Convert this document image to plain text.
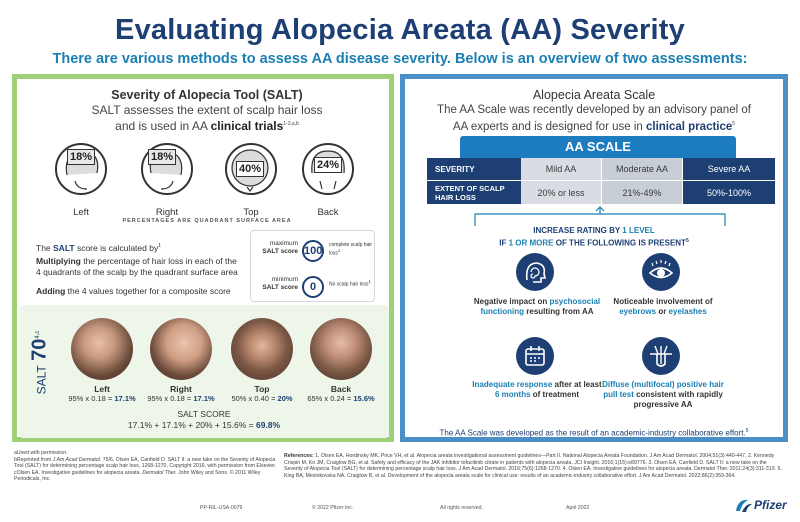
Evaluating Alopecia Areata (AA) Severity
There are various methods to assess AA disease severity. Below is an overview of two assessments:
Severity of Alopecia Tool (SALT)
SALT assesses the extent of scalp hair loss
and is used in AA clinical trials$^{1-3,a,b}$
18%
Left
18%
Right
40%
Top
24%
Back
PERCENTAGES ARE QUADRANT SURFACE AREA
The SALT score is calculated $by^1$
Multiplying the percentage of hair loss in each of the 4 quadrants of the scalp by the quadrant surface area
Adding the 4 values together for a composite score
maximum
SALT score 100	complete scalp hair loss$^1$
minimum
SALT score	0	No scalp hair loss$^1$
SALT 70$^{4,c}$
Left
95% x 0.18 = 17.1%
Right
95% x 0.18 = 17.1%
Top
50% x 0.40 = 20%
Back
65% x 0.24 = 15.6%
SALT SCORE
17.1% + 17.1% + 20% + 15.6% = 69.8%
Alopecia Areata Scale
The AA Scale was recently developed by an advisory panel of
AA experts and is designed for use in clinical practice$^5$
AA SCALE
SEVERITY	Mild AA	Moderate AA	Severe AA
EXTENT OF SCALP HAIR LOSS	20% or less	21%-49%	50%-100%
INCREASE RATING BY 1 LEVEL
IF 1 OR MORE OF THE FOLLOWING IS PRESENT$^5$
Negative impact on psychosocial functioning resulting from AA
Noticeable involvement of eyebrows or eyelashes
Inadequate response after at least 6 months of treatment
Diffuse (multifocal) positive hair pull test consistent with rapidly progressive AA
The AA Scale was developed as the result of an academic-industry collaborative effort.$^5$
aUsed with permission.
bReprinted from J Am Acad Dermatol. 75/6, Olsen EA, Canfield D. SALT II: a new take on the Severity of Alopecia Tool (SALT) for determining percentage scalp hair loss, 1268-1270, Copyright 2016, with permission from Elsevier.
cOlsen EA. Investigative guidelines for alopecia areata. Dermatol Ther. John Wiley and Sons. © 2011 Wiley Periodicals, Inc.
References: 1. Olsen EA, Hordinsky MK, Price VH, et al. Alopecia areata investigational assessment guidelines—Part II. National Alopecia Areata Foundation. J Am Acad Dermatol. 2004;51(3):440-447. 2. Kennedy Crispin M, Ko JM, Craiglow BG, et al. Safety and efficacy of the JAK inhibitor tofacitinib citrate in patients with alopecia areata. JCI Insight. 2016;1(15):e89776. 3. Olsen EA, Canfield D. SALT II: a new take on the Severity of Alopecia Tool (SALT) for determining percentage scalp hair loss. J Am Acad Dermatol. 2016;75(6):1268-1270. 4. Olsen EA. Investigative guidelines for alopecia areata. Dermatol Ther. 2011;24(3):311-319. 5. King BA, Mesinkovska NA, Craiglow B, et al. Development of the alopecia areata scale for clinical use: results of an academic-industry collaborative effort. J Am Acad Dermatol. 2022;86(2):359-364.
PP-RIL-USA-0079	© 2022 Pfizer Inc.	All rights reserved.	April 2022	Pfizer
